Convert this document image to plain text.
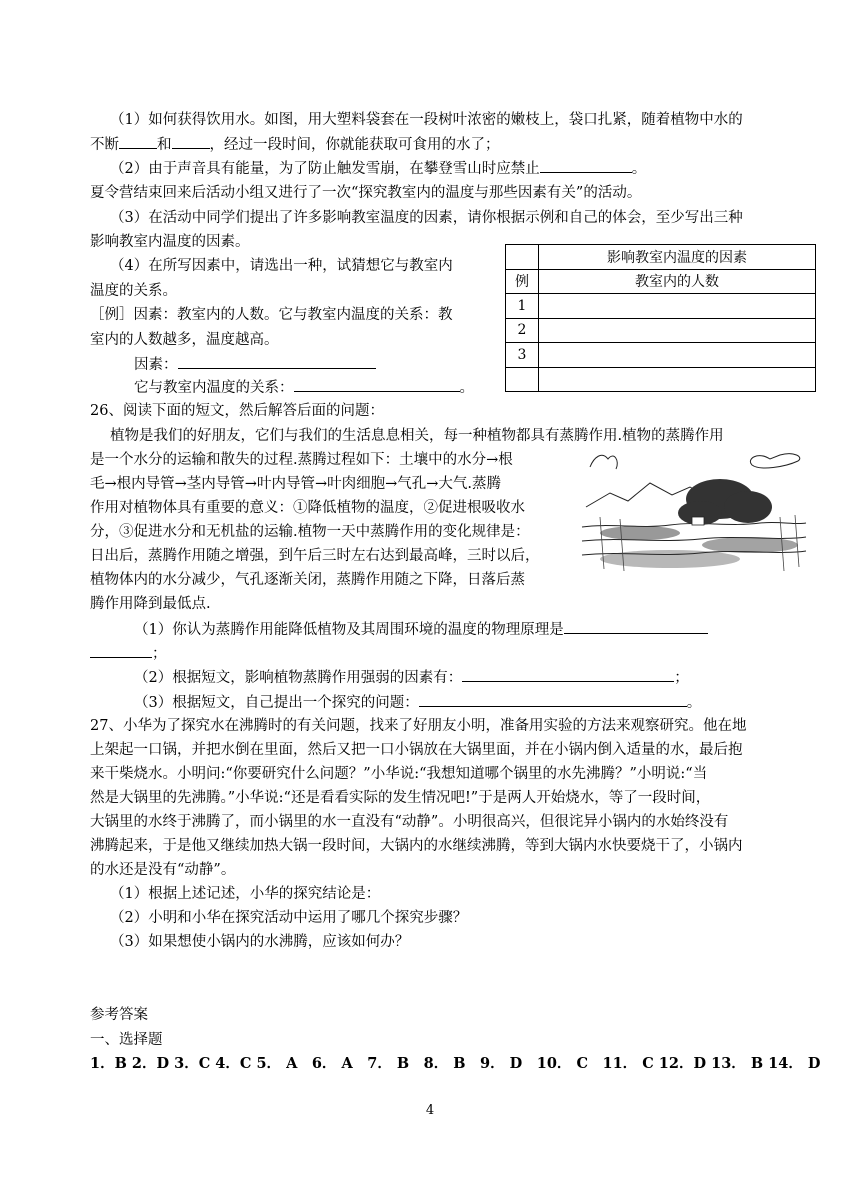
（1）如何获得饮用水。如图，用大塑料袋套在一段树叶浓密的嫩枝上，袋口扎紧，随着植物中水的
不断	和	，经过一段时间，你就能获取可食用的水了；
（2）由于声音具有能量，为了防止触发雪崩，在攀登雪山时应禁止	。
夏令营结束回来后活动小组又进行了一次“探究教室内的温度与那些因素有关”的活动。
（3）在活动中同学们提出了许多影响教室温度的因素，请你根据示例和自己的体会，至少写出三种
影响教室内温度的因素。
（4）在所写因素中，请选出一种，试猜想它与教室内
温度的关系。
［例］因素：教室内的人数。它与教室内温度的关系：教
室内的人数越多，温度越高。
因素：
它与教室内温度的关系：	。
	影响教室内温度的因素
例	教室内的人数
1	
2	
3	

26、阅读下面的短文，然后解答后面的问题：
植物是我们的好朋友，它们与我们的生活息息相关，每一种植物都具有蒸腾作用.植物的蒸腾作用
是一个水分的运输和散失的过程.蒸腾过程如下：土壤中的水分→根
毛→根内导管→茎内导管→叶内导管→叶肉细胞→气孔→大气.蒸腾
作用对植物体具有重要的意义：①降低植物的温度，②促进根吸收水
分，③促进水分和无机盐的运输.植物一天中蒸腾作用的变化规律是：
日出后，蒸腾作用随之增强，到午后三时左右达到最高峰，三时以后，
植物体内的水分减少，气孔逐渐关闭，蒸腾作用随之下降，日落后蒸
腾作用降到最低点.
（1）你认为蒸腾作用能降低植物及其周围环境的温度的物理原理是
；
（2）根据短文，影响植物蒸腾作用强弱的因素有：	；
（3）根据短文，自己提出一个探究的问题：	。
27、小华为了探究水在沸腾时的有关问题，找来了好朋友小明，准备用实验的方法来观察研究。他在地
上架起一口锅，并把水倒在里面，然后又把一口小锅放在大锅里面，并在小锅内倒入适量的水，最后抱
来干柴烧水。小明问:“你要研究什么问题？”小华说:“我想知道哪个锅里的水先沸腾？”小明说:“当
然是大锅里的先沸腾。”小华说:“还是看看实际的发生情况吧!”于是两人开始烧水，等了一段时间，
大锅里的水终于沸腾了，而小锅里的水一直没有“动静”。小明很高兴，但很诧异小锅内的水始终没有
沸腾起来，于是他又继续加热大锅一段时间，大锅内的水继续沸腾，等到大锅内水快要烧干了，小锅内
的水还是没有“动静”。
（1）根据上述记述，小华的探究结论是：
（2）小明和小华在探究活动中运用了哪几个探究步骤？
（3）如果想使小锅内的水沸腾，应该如何办？
参考答案
一、选择题
1．B 2．D 3．C 4．C 5． A　6． A　7． B　8． B　9． D　10． C　11． C 12．D 13． B 14． D
4
